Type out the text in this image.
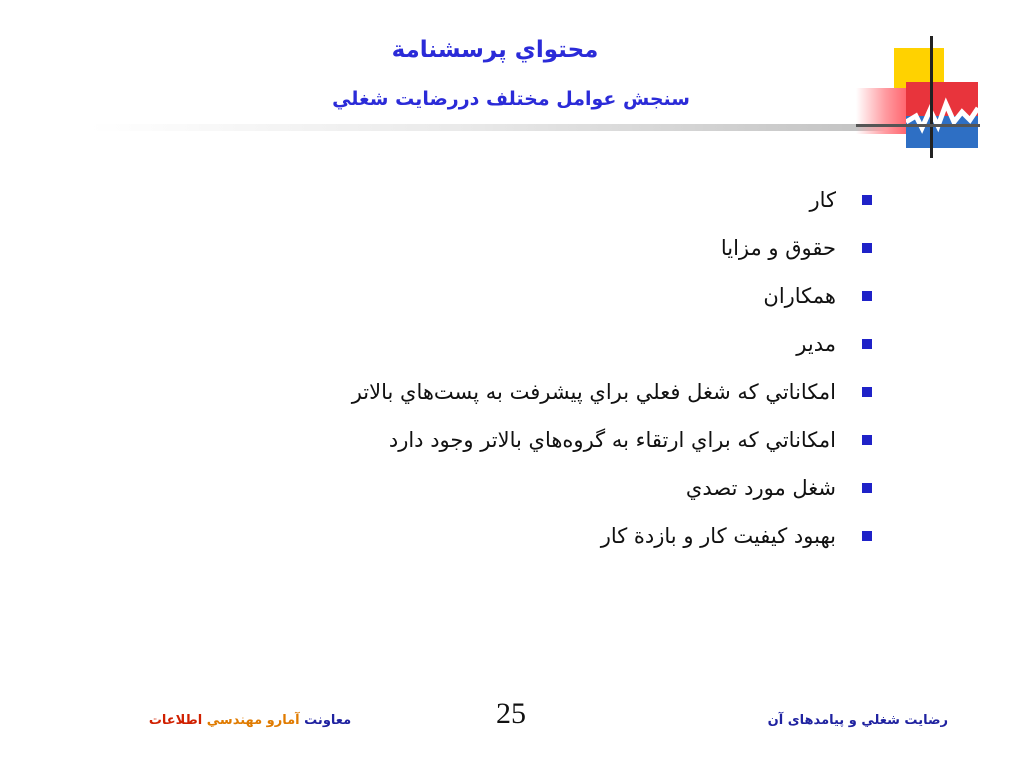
محتواي پرسشنامة
سنجش عوامل مختلف دررضايت شغلي
كار
حقوق و مزايا
همكاران
مدير
امكاناتي كه شغل فعلي براي پيشرفت به پست‌هاي بالاتر
امكاناتي كه براي ارتقاء به گروه‌هاي بالاتر وجود دارد
شغل مورد تصدي
بهبود كيفيت كار و بازدة كار
معاونت آمارو مهندسي اطلاعات	25	رضايت شغلي و پيامدهای آن
